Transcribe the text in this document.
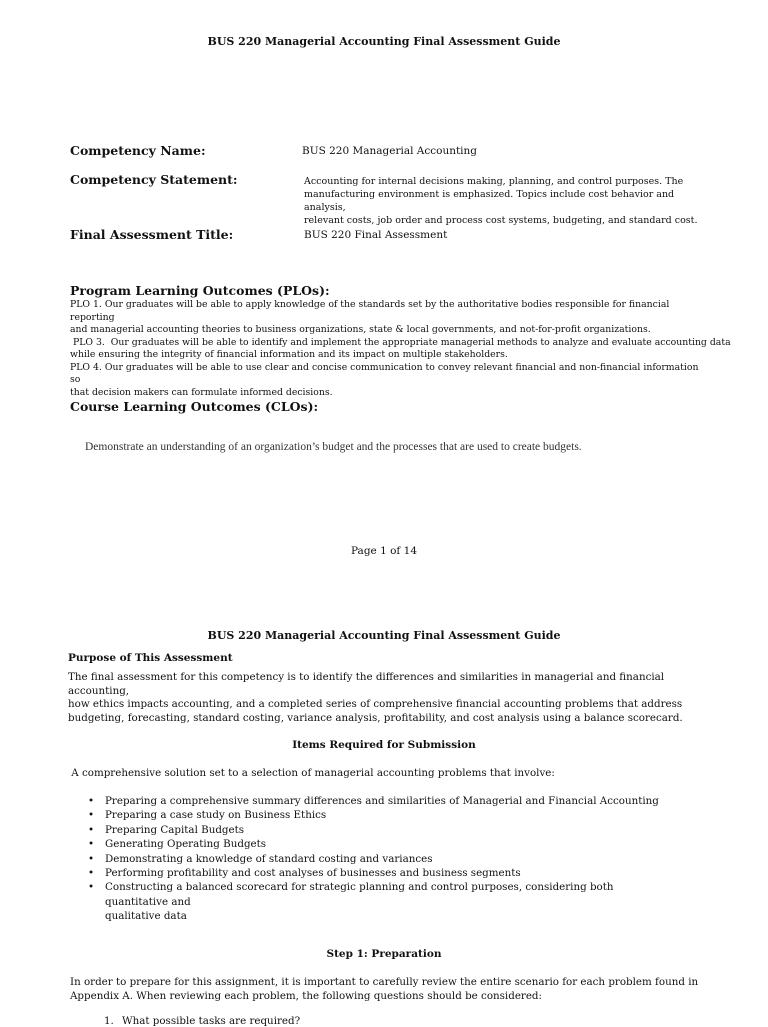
BUS 220 Managerial Accounting Final Assessment Guide
Competency Name:	BUS 220 Managerial Accounting
Competency Statement:	Accounting for internal decisions making, planning, and control purposes. The
manufacturing environment is emphasized. Topics include cost behavior and analysis,
relevant costs, job order and process cost systems, budgeting, and standard cost.
Final Assessment Title:	BUS 220 Final Assessment
Program Learning Outcomes (PLOs):
PLO 1. Our graduates will be able to apply knowledge of the standards set by the authoritative bodies responsible for financial reporting
and managerial accounting theories to business organizations, state & local governments, and not-for-profit organizations.
PLO 3.  Our graduates will be able to identify and implement the appropriate managerial methods to analyze and evaluate accounting data
while ensuring the integrity of financial information and its impact on multiple stakeholders.
PLO 4. Our graduates will be able to use clear and concise communication to convey relevant financial and non-financial information so
that decision makers can formulate informed decisions.
Course Learning Outcomes (CLOs):
Demonstrate an understanding of an organization’s budget and the processes that are used to create budgets.
Page 1 of 14
BUS 220 Managerial Accounting Final Assessment Guide
Purpose of This Assessment
The final assessment for this competency is to identify the differences and similarities in managerial and financial accounting,
how ethics impacts accounting, and a completed series of comprehensive financial accounting problems that address
budgeting, forecasting, standard costing, variance analysis, profitability, and cost analysis using a balance scorecard.
Items Required for Submission
A comprehensive solution set to a selection of managerial accounting problems that involve:
• Preparing a comprehensive summary differences and similarities of Managerial and Financial Accounting
• Preparing a case study on Business Ethics
• Preparing Capital Budgets
• Generating Operating Budgets
• Demonstrating a knowledge of standard costing and variances
• Performing profitability and cost analyses of businesses and business segments
• Constructing a balanced scorecard for strategic planning and control purposes, considering both quantitative and
qualitative data
Step 1: Preparation
In order to prepare for this assignment, it is important to carefully review the entire scenario for each problem found in
Appendix A. When reviewing each problem, the following questions should be considered:
1. What possible tasks are required?
